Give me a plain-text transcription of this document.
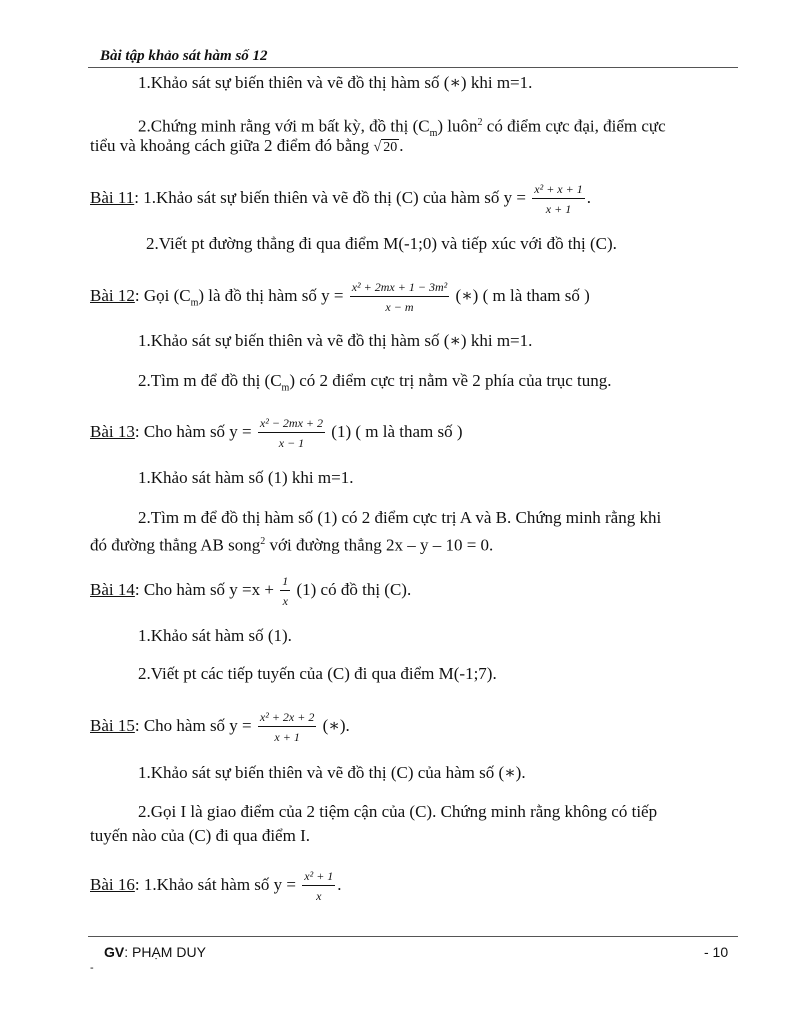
Bài tập khảo sát hàm số 12
1.Khảo sát sự biến thiên và vẽ đồ thị hàm số (∗) khi m=1.
2.Chứng minh rằng với m bất kỳ, đồ thị $(C_m)$ luôn$^2$ có điểm cực đại, điểm cực
tiểu và khoảng cách giữa 2 điểm đó bằng √ 20 .
Bài 11: 1.Khảo sát sự biến thiên và vẽ đồ thị (C) của hàm số $y = \frac{\text{x² + x + 1}}{x + 1}$ .
2.Viết pt đường thẳng đi qua điểm M(-1;0) và tiếp xúc với đồ thị (C).
Bài 12: Gọi $(C_m)$ là đồ thị hàm số $y = \frac{\text{x² + 2mx + 1 − 3m²}}{x - m}$ (∗) ( m là tham số )
1.Khảo sát sự biến thiên và vẽ đồ thị hàm số (∗) khi m=1.
2.Tìm m để đồ thị $(C_m)$ có 2 điểm cực trị nằm về 2 phía của trục tung.
Bài 13: Cho hàm số $y = \frac{\text{x² − 2mx + 2}}{x - 1} (1)$ ( m là tham số )
1.Khảo sát hàm số (1) khi m=1.
2.Tìm m để đồ thị hàm số (1) có 2 điểm cực trị A và B. Chứng minh rằng khi
đó đường thẳng AB song$^2$ với đường thẳng 2x – y – 10 = 0.
Bài 14: Cho hàm số $y =x + \frac{1}{x} (1)$ có đồ thị (C).
1.Khảo sát hàm số (1).
2.Viết pt các tiếp tuyến của (C) đi qua điểm M(-1;7).
Bài 15: Cho hàm số $y = \frac{\text{x² + 2x + 2}}{x + 1}$ (∗).
1.Khảo sát sự biến thiên và vẽ đồ thị (C) của hàm số (∗).
2.Gọi I là giao điểm của 2 tiệm cận của (C). Chứng minh rằng không có tiếp
tuyến nào của (C) đi qua điểm I.
Bài 16: 1.Khảo sát hàm số $y = \frac{\text{x² + 1}}{x}$ .
GV: PHẠM DUY	- 10
-
